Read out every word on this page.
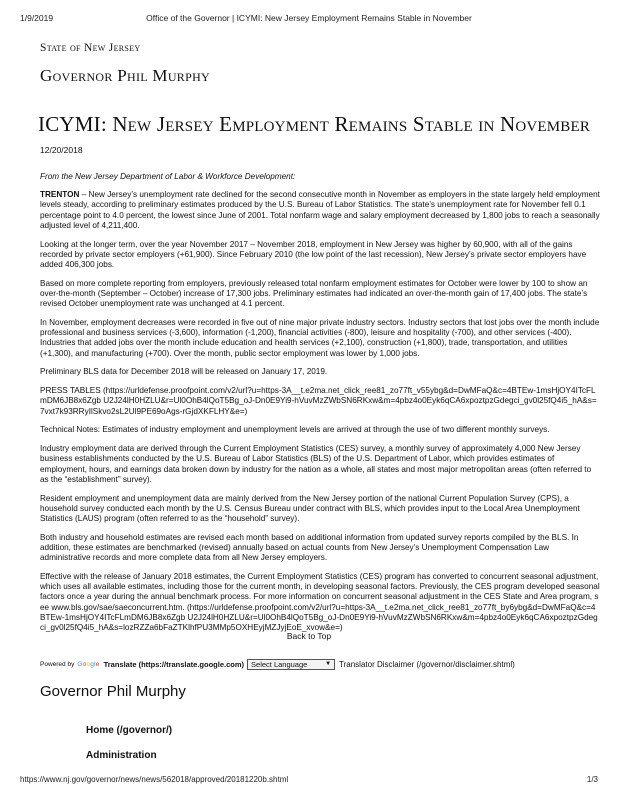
1/9/2019	Office of the Governor | ICYMI: New Jersey Employment Remains Stable in November
State of New Jersey
Governor Phil Murphy
ICYMI: New Jersey Employment Remains Stable in November
12/20/2018

From the New Jersey Department of Labor & Workforce Development:

TRENTON – New Jersey’s unemployment rate declined for the second consecutive month in November as employers in the state largely held employment levels steady, according to preliminary estimates produced by the U.S. Bureau of Labor Statistics. The state’s unemployment rate for November fell 0.1 percentage point to 4.0 percent, the lowest since June of 2001. Total nonfarm wage and salary employment decreased by 1,800 jobs to reach a seasonally adjusted level of 4,211,400.

Looking at the longer term, over the year November 2017 – November 2018, employment in New Jersey was higher by 60,900, with all of the gains recorded by private sector employers (+61,900). Since February 2010 (the low point of the last recession), New Jersey’s private sector employers have added 406,300 jobs.

Based on more complete reporting from employers, previously released total nonfarm employment estimates for October were lower by 100 to show an over-the-month (September – October) increase of 17,300 jobs. Preliminary estimates had indicated an over-the-month gain of 17,400 jobs. The state’s revised October unemployment rate was unchanged at 4.1 percent.

In November, employment decreases were recorded in five out of nine major private industry sectors. Industry sectors that lost jobs over the month include professional and business services (-3,600), information (-1,200), financial activities (-800), leisure and hospitality (-700), and other services (-400). Industries that added jobs over the month include education and health services (+2,100), construction (+1,800), trade, transportation, and utilities (+1,300), and manufacturing (+700). Over the month, public sector employment was lower by 1,000 jobs.

Preliminary BLS data for December 2018 will be released on January 17, 2019.

PRESS TABLES (https://urldefense.proofpoint.com/v2/url?u=https-3A__t.e2ma.net_click_ree81_zo77ft_v55ybg&d=DwMFaQ&c=4BTEw-1msHjOY4ITcFLmDM6JB8x6Zgb U2J24lH0HZLU&r=Ul0OhB4lQoT5Bg_oJ-Dn0E9Yi9-hVuvMzZWbSN6RKxw&m=4pbz4o0Eyk6qCA6xpoztpzGdegci_gv0l25fQ4i5_hA&s=7vxt7k93RRyIlSkvo2sL2Ul9PE69oAgs-rGjdXKFLHY&e=)

Technical Notes: Estimates of industry employment and unemployment levels are arrived at through the use of two different monthly surveys.

Industry employment data are derived through the Current Employment Statistics (CES) survey, a monthly survey of approximately 4,000 New Jersey business establishments conducted by the U.S. Bureau of Labor Statistics (BLS) of the U.S. Department of Labor, which provides estimates of employment, hours, and earnings data broken down by industry for the nation as a whole, all states and most major metropolitan areas (often referred to as the “establishment” survey).

Resident employment and unemployment data are mainly derived from the New Jersey portion of the national Current Population Survey (CPS), a household survey conducted each month by the U.S. Census Bureau under contract with BLS, which provides input to the Local Area Unemployment Statistics (LAUS) program (often referred to as the “household” survey).

Both industry and household estimates are revised each month based on additional information from updated survey reports compiled by the BLS. In addition, these estimates are benchmarked (revised) annually based on actual counts from New Jersey’s Unemployment Compensation Law administrative records and more complete data from all New Jersey employers.

Effective with the release of January 2018 estimates, the Current Employment Statistics (CES) program has converted to concurrent seasonal adjustment, which uses all available estimates, including those for the current month, in developing seasonal factors. Previously, the CES program developed seasonal factors once a year during the annual benchmark process. For more information on concurrent seasonal adjustment in the CES State and Area program, see www.bls.gov/sae/saeconcurrent.htm. (https://urldefense.proofpoint.com/v2/url?u=https-3A__t.e2ma.net_click_ree81_zo77ft_by6ybg&d=DwMFaQ&c=4BTEw-1msHjOY4ITcFLmDM6JB8x6Zgb U2J24lH0HZLU&r=Ul0OhB4lQoT5Bg_oJ-Dn0E9Yi9-hVuvMzZWbSN6RKxw&m=4pbz4o0Eyk6qCA6xpoztpzGdegci_gv0l25fQ4i5_hA&s=lozRZZa6bFaZTKlhfPU3MMp5OXHEyjMZJyjEoE_xvow&e=)

Back to Top
Powered by Google Translate (https://translate.google.com) Select Language	▼ Translator Disclaimer (/governor/disclaimer.shtml)
Governor Phil Murphy
Home (/governor/)
Administration
https://www.nj.gov/governor/news/news/562018/approved/20181220b.shtml	1/3
